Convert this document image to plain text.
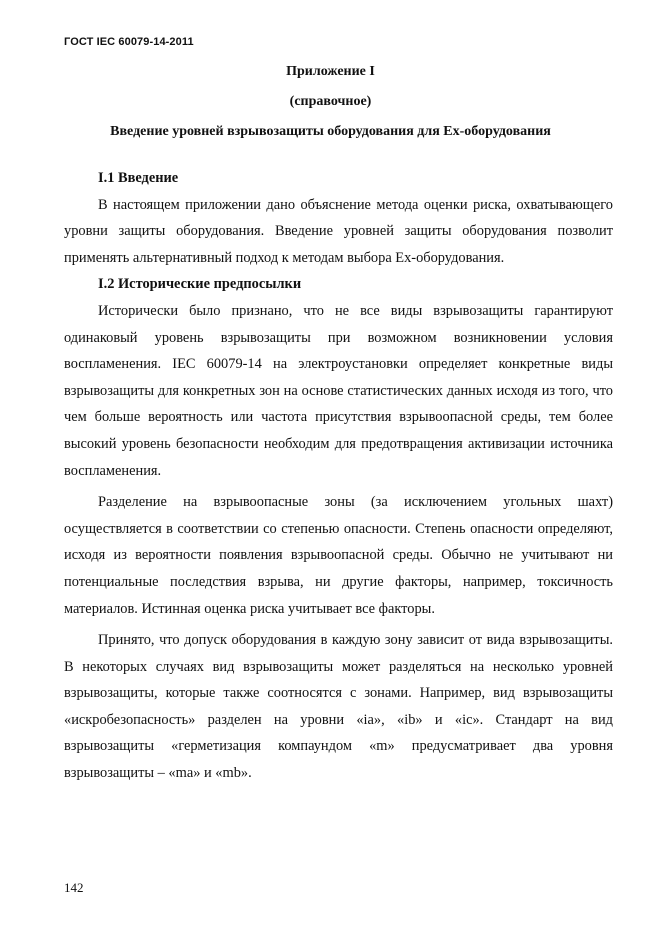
ГОСТ IEC 60079-14-2011
Приложение I
(справочное)
Введение уровней взрывозащиты оборудования для Ex-оборудования
I.1 Введение

В настоящем приложении дано объяснение метода оценки риска, охватывающего уровни защиты оборудования. Введение уровней защиты оборудования позволит применять альтернативный подход к методам выбора Ex-оборудования.

I.2 Исторические предпосылки

Исторически было признано, что не все виды взрывозащиты гарантируют одинаковый уровень взрывозащиты при возможном возникновении условия воспламенения. IEC 60079-14 на электроустановки определяет конкретные виды взрывозащиты для конкретных зон на основе статистических данных исходя из того, что чем больше вероятность или частота присутствия взрывоопасной среды, тем более высокий уровень безопасности необходим для предотвращения активизации источника воспламенения.

Разделение на взрывоопасные зоны (за исключением угольных шахт) осуществляется в соответствии со степенью опасности. Степень опасности определяют, исходя из вероятности появления взрывоопасной среды. Обычно не учитывают ни потенциальные последствия взрыва, ни другие факторы, например, токсичность материалов. Истинная оценка риска учитывает все факторы.

Принято, что допуск оборудования в каждую зону зависит от вида взрывозащиты. В некоторых случаях вид взрывозащиты может разделяться на несколько уровней взрывозащиты, которые также соотносятся с зонами. Например, вид взрывозащиты «искробезопасность» разделен на уровни «ia», «ib» и «ic». Стандарт на вид взрывозащиты «герметизация компаундом «m» предусматривает два уровня взрывозащиты – «ma» и «mb».

142
